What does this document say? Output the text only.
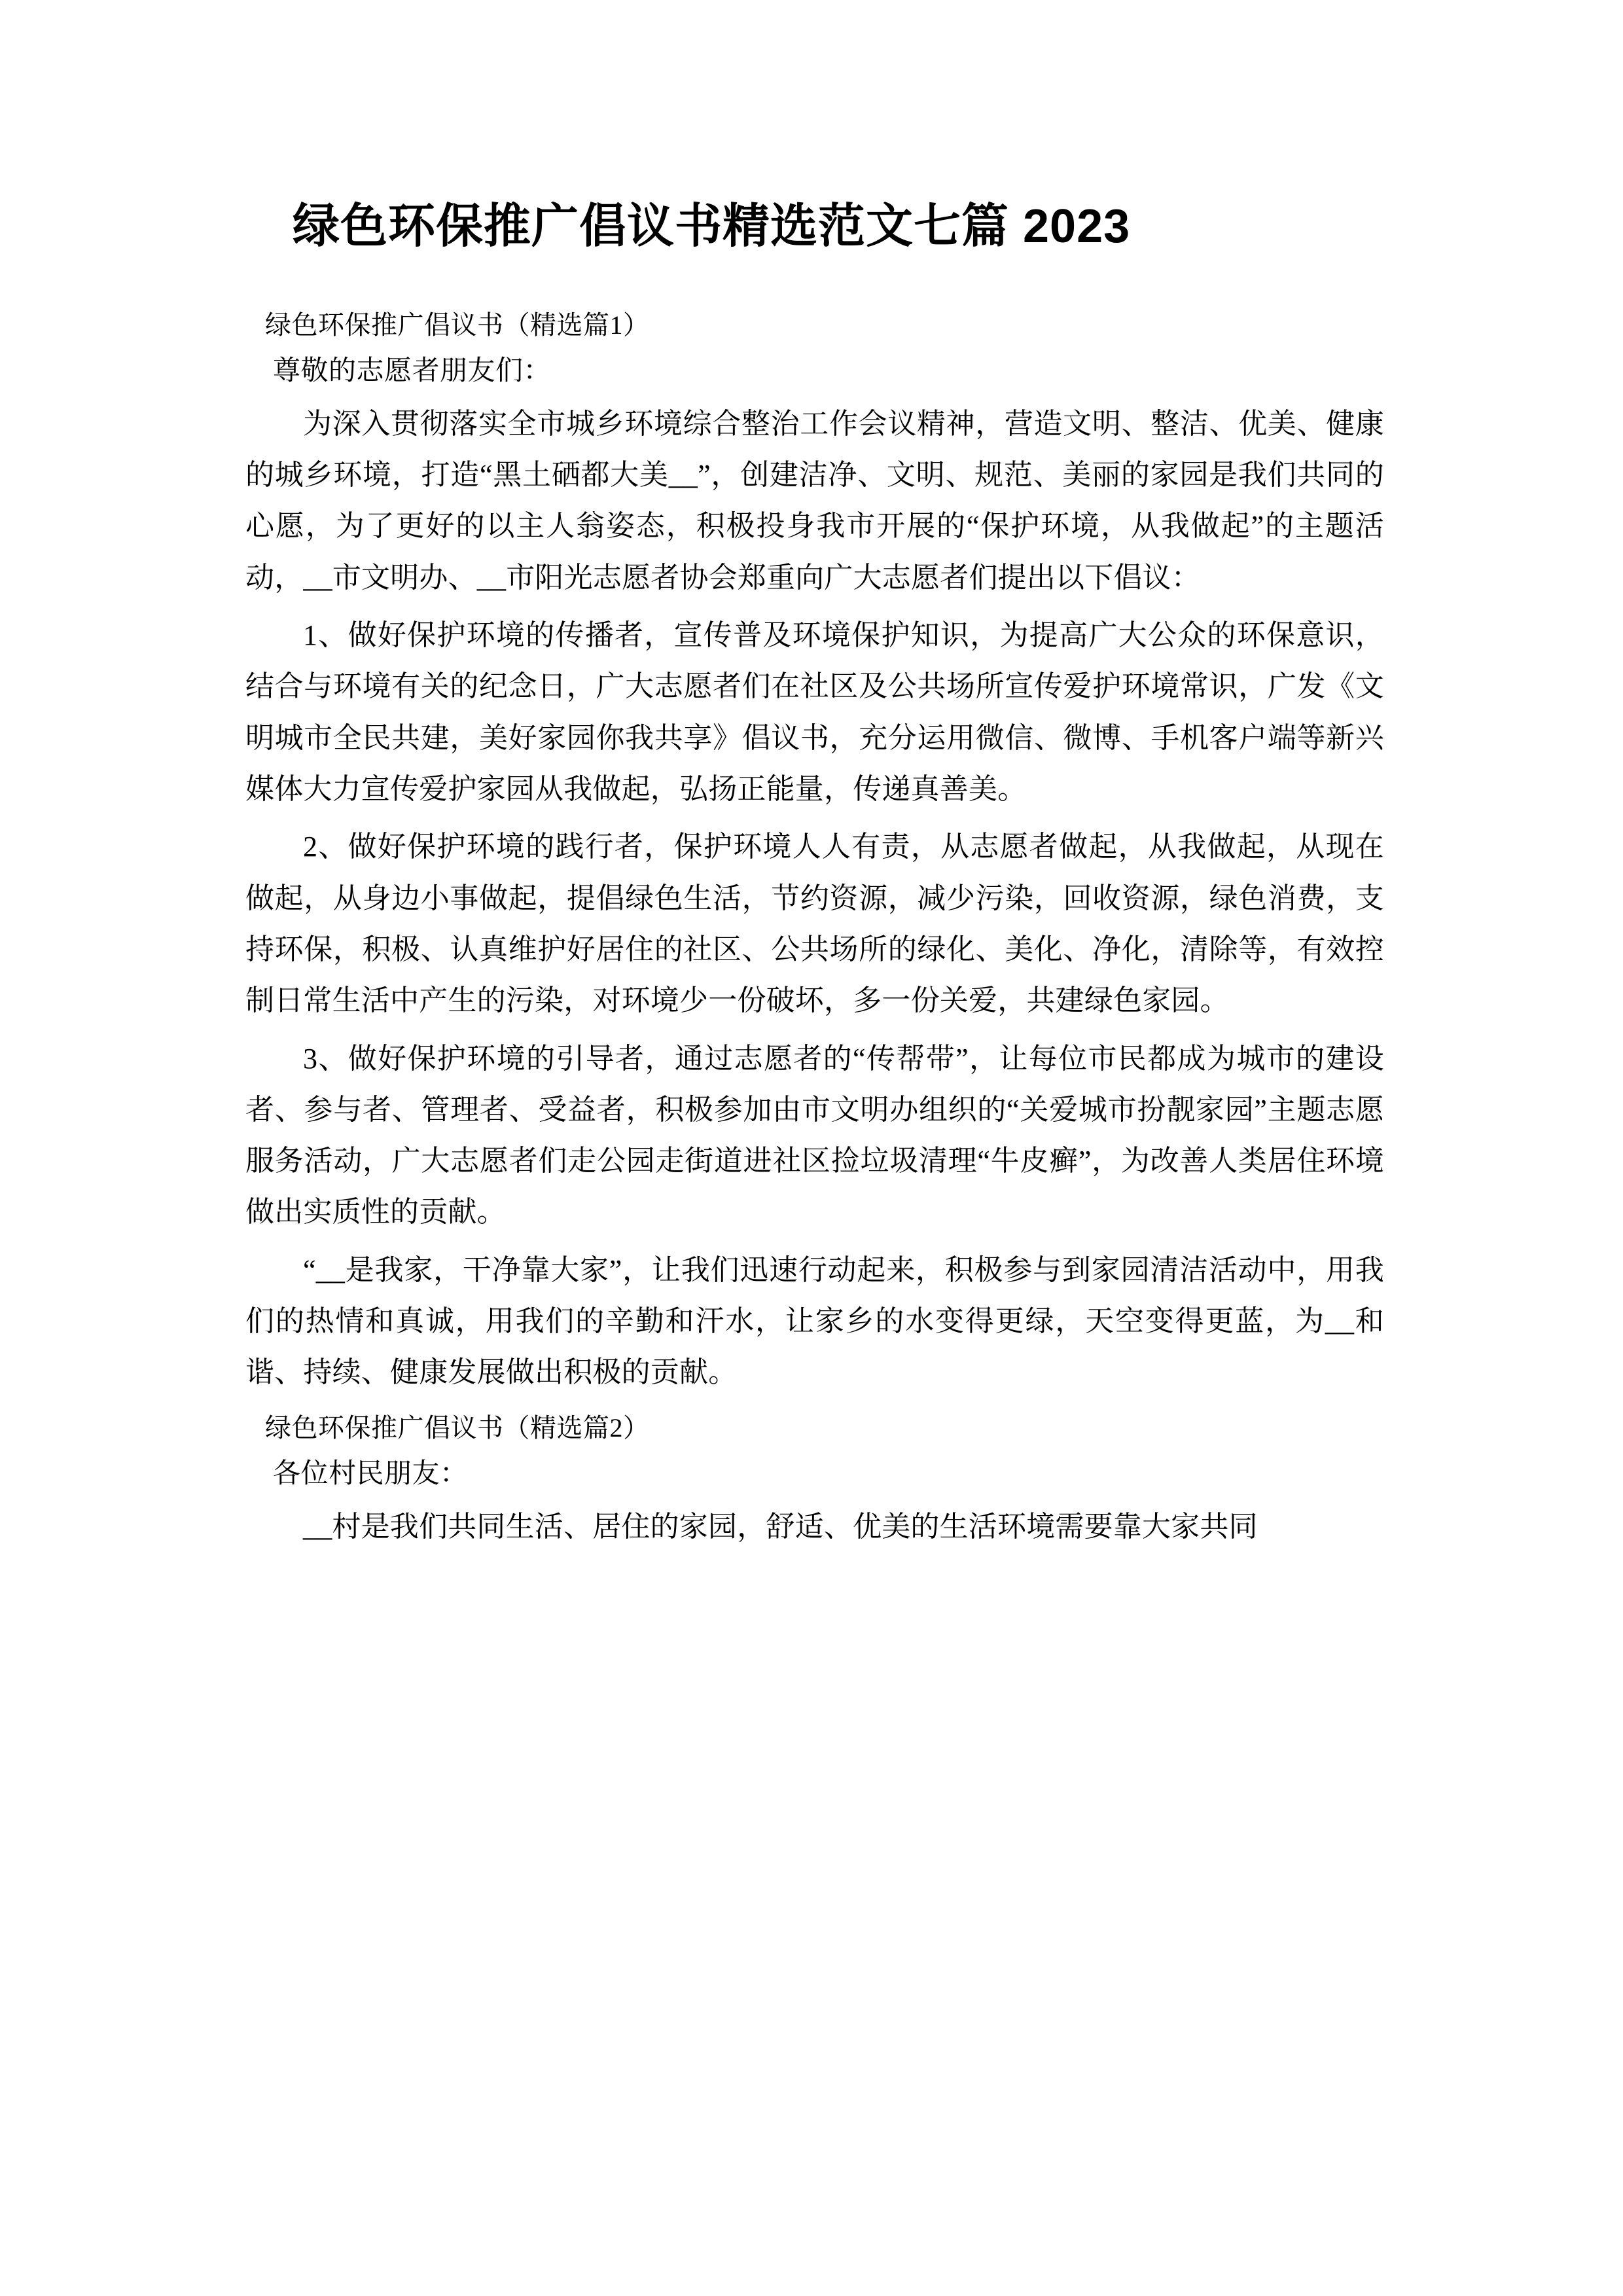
绿色环保推广倡议书精选范文七篇 2023

绿色环保推广倡议书（精选篇1）

尊敬的志愿者朋友们：

为深入贯彻落实全市城乡环境综合整治工作会议精神，营造文明、整洁、优美、健康的城乡环境，打造“黑土硒都大美__”，创建洁净、文明、规范、美丽的家园是我们共同的心愿，为了更好的以主人翁姿态，积极投身我市开展的“保护环境，从我做起”的主题活动，__市文明办、__市阳光志愿者协会郑重向广大志愿者们提出以下倡议：

1、做好保护环境的传播者，宣传普及环境保护知识，为提高广大公众的环保意识，结合与环境有关的纪念日，广大志愿者们在社区及公共场所宣传爱护环境常识，广发《文明城市全民共建，美好家园你我共享》倡议书，充分运用微信、微博、手机客户端等新兴媒体大力宣传爱护家园从我做起，弘扬正能量，传递真善美。

2、做好保护环境的践行者，保护环境人人有责，从志愿者做起，从我做起，从现在做起，从身边小事做起，提倡绿色生活，节约资源，减少污染，回收资源，绿色消费，支持环保，积极、认真维护好居住的社区、公共场所的绿化、美化、净化，清除等，有效控制日常生活中产生的污染，对环境少一份破坏，多一份关爱，共建绿色家园。

3、做好保护环境的引导者，通过志愿者的“传帮带”，让每位市民都成为城市的建设者、参与者、管理者、受益者，积极参加由市文明办组织的“关爱城市扮靓家园”主题志愿服务活动，广大志愿者们走公园走街道进社区捡垃圾清理“牛皮癣”，为改善人类居住环境做出实质性的贡献。

“__是我家，干净靠大家”，让我们迅速行动起来，积极参与到家园清洁活动中，用我们的热情和真诚，用我们的辛勤和汗水，让家乡的水变得更绿，天空变得更蓝，为__和谐、持续、健康发展做出积极的贡献。

绿色环保推广倡议书（精选篇2）

各位村民朋友：

__村是我们共同生活、居住的家园，舒适、优美的生活环境需要靠大家共同
